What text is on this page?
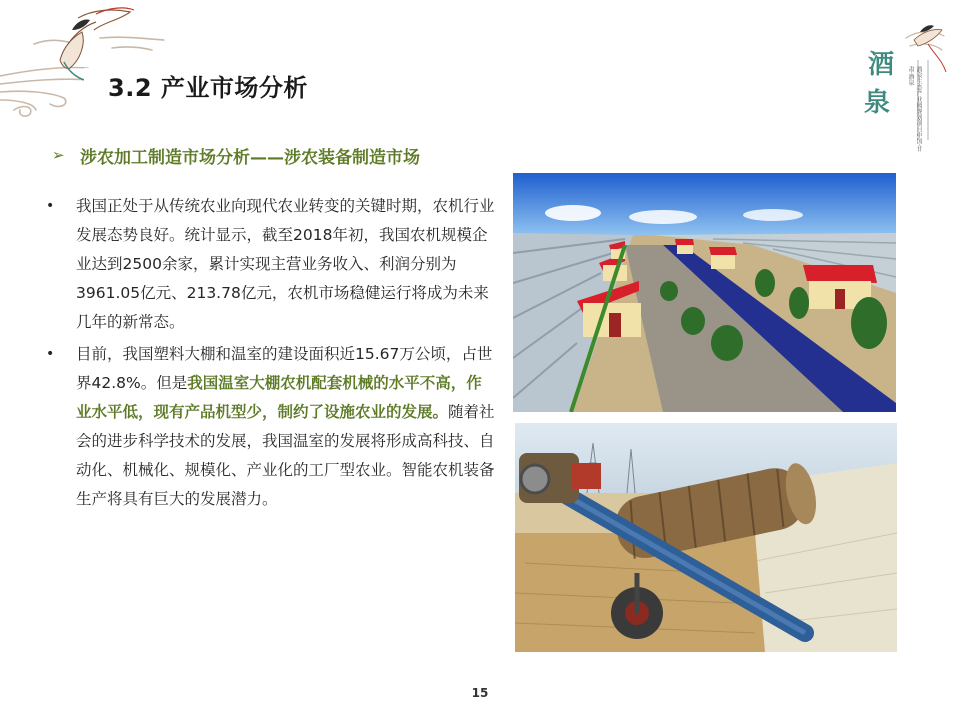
酒
泉	酒泉生态产业园规划项目中国·甘肃·酒泉
3.2 产业市场分析
➢ 涉农加工制造市场分析——涉农装备制造市场
• 我国正处于从传统农业向现代农业转变的关键时期，农机行业发展态势良好。统计显示，截至2018年初，我国农机规模企业达到2500余家，累计实现主营业务收入、利润分别为3961.05亿元、213.78亿元，农机市场稳健运行将成为未来几年的新常态。
• 目前，我国塑料大棚和温室的建设面积近15.67万公顷，占世界42.8%。但是我国温室大棚农机配套机械的水平不高，作业水平低，现有产品机型少，制约了设施农业的发展。随着社会的进步科学技术的发展，我国温室的发展将形成高科技、自动化、机械化、规模化、产业化的工厂型农业。智能农机装备生产将具有巨大的发展潜力。
15
